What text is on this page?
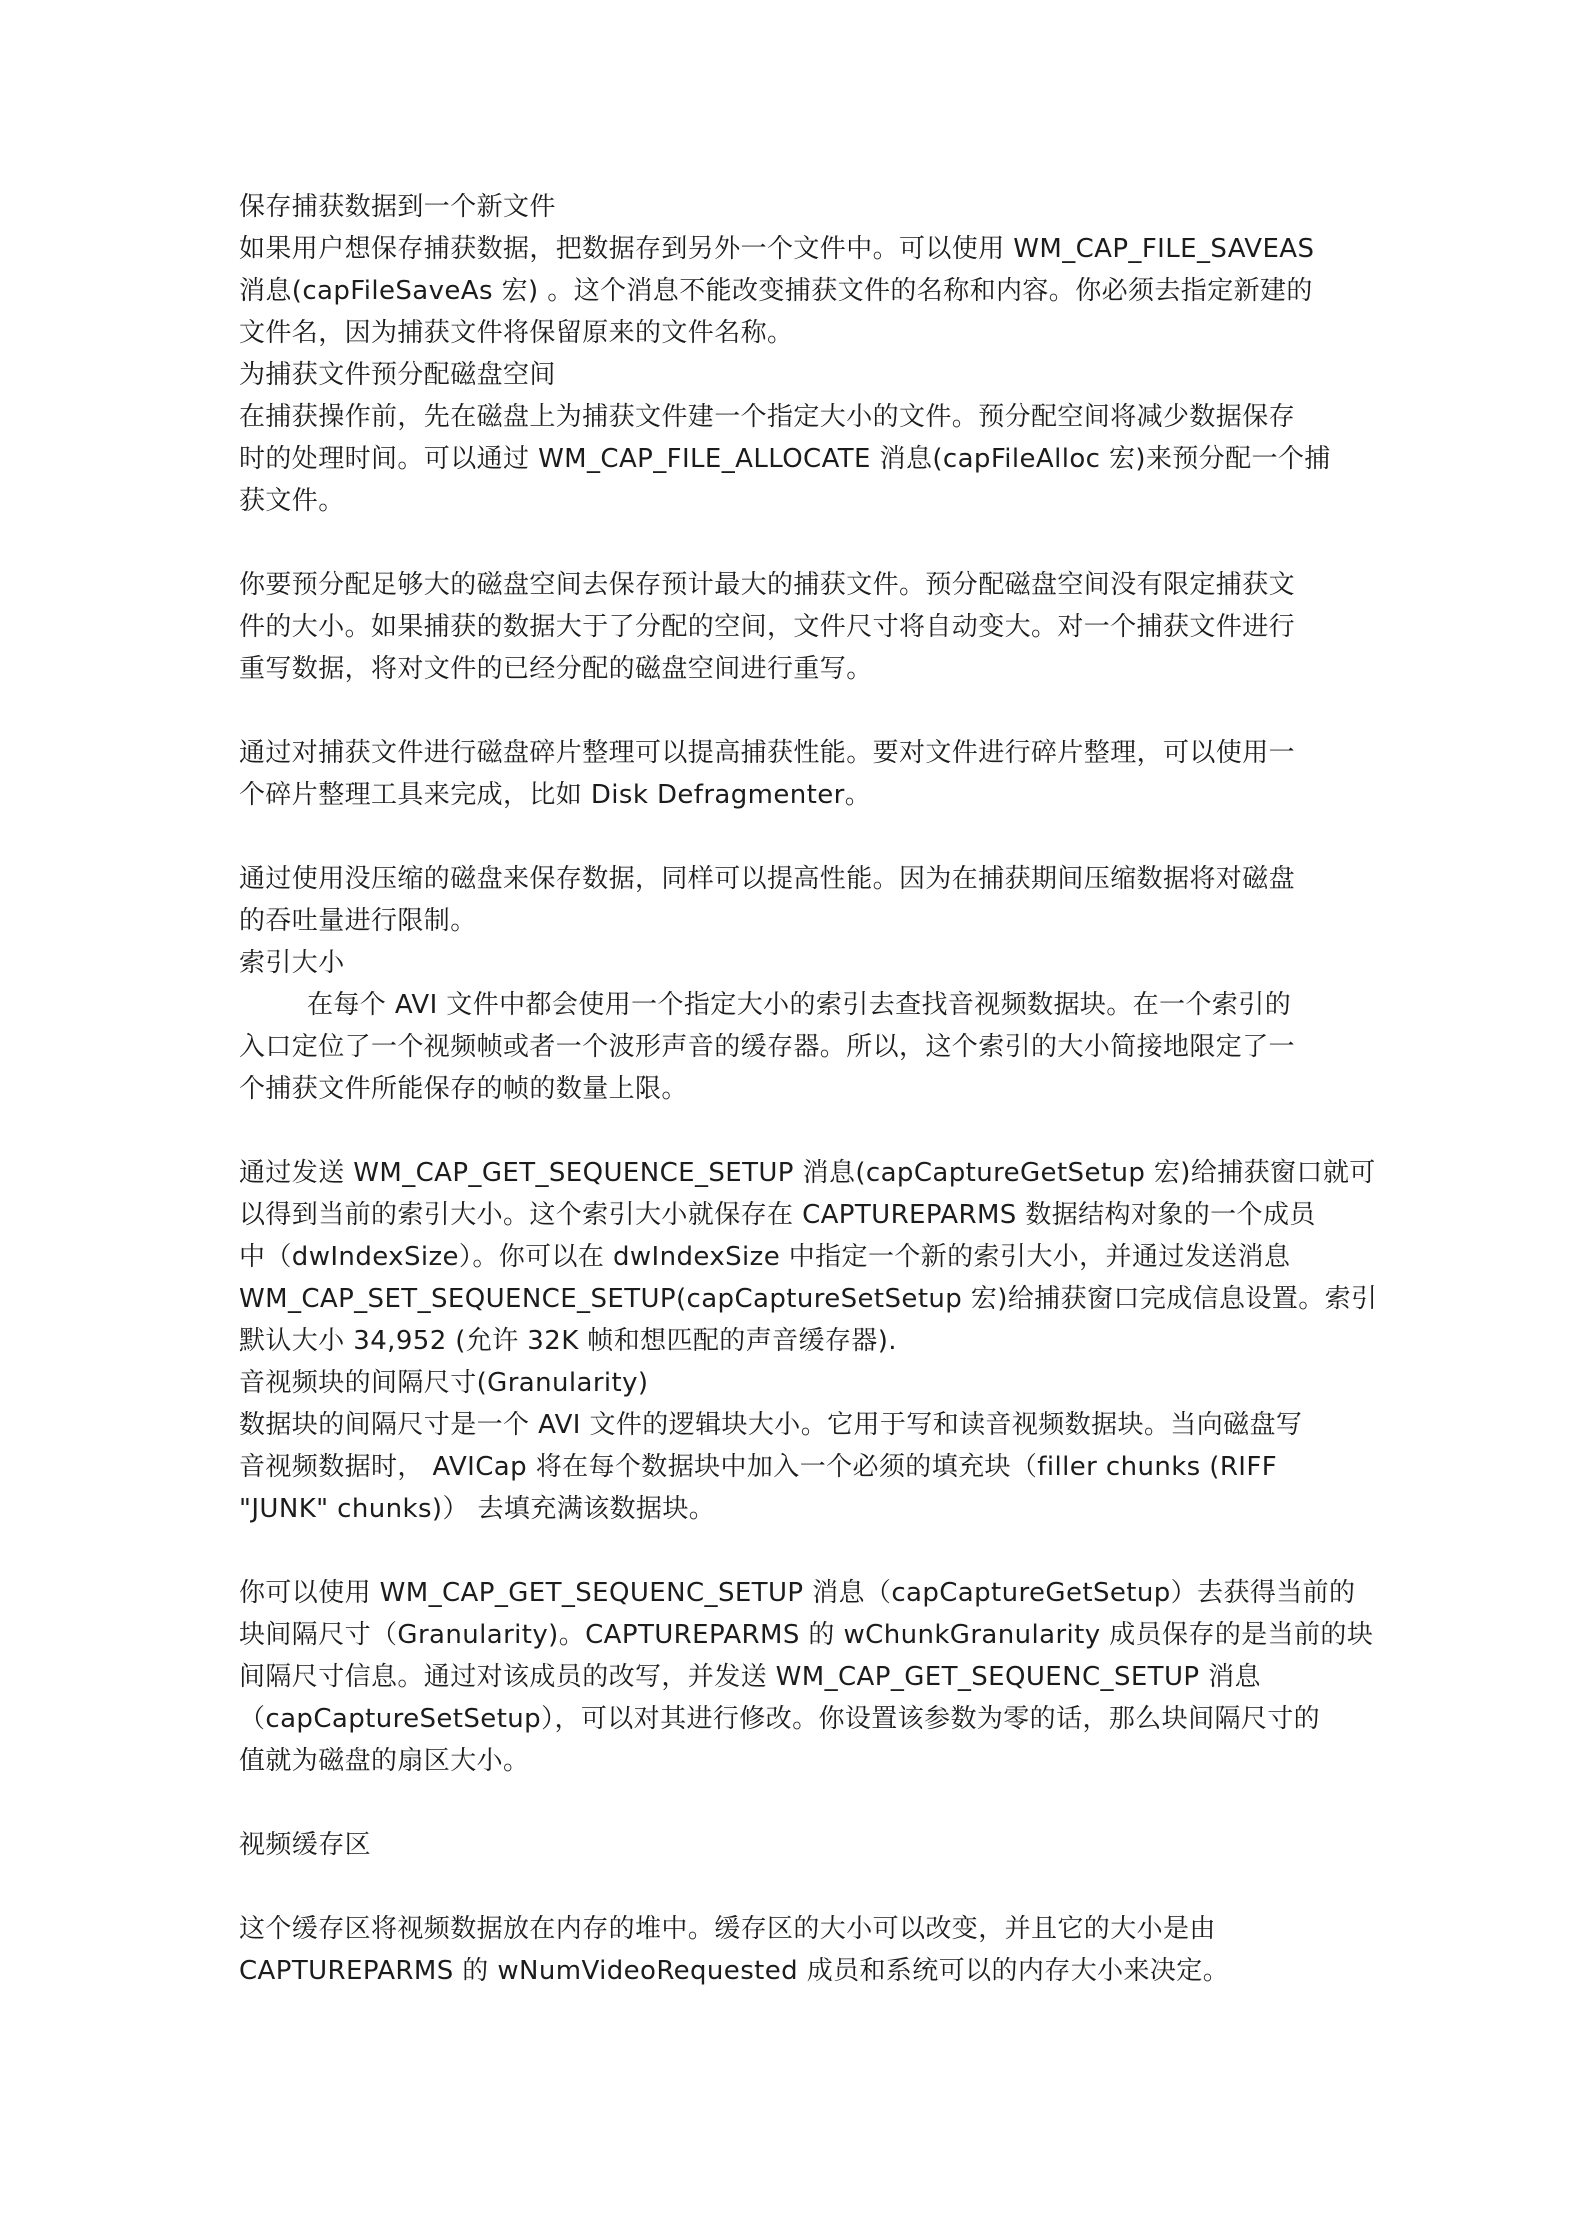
保存捕获数据到一个新文件
如果用户想保存捕获数据，把数据存到另外一个文件中。可以使用 WM_CAP_FILE_SAVEAS
消息(capFileSaveAs 宏) 。这个消息不能改变捕获文件的名称和内容。你必须去指定新建的
文件名，因为捕获文件将保留原来的文件名称。
为捕获文件预分配磁盘空间
在捕获操作前，先在磁盘上为捕获文件建一个指定大小的文件。预分配空间将减少数据保存
时的处理时间。可以通过 WM_CAP_FILE_ALLOCATE 消息(capFileAlloc 宏)来预分配一个捕
获文件。
你要预分配足够大的磁盘空间去保存预计最大的捕获文件。预分配磁盘空间没有限定捕获文
件的大小。如果捕获的数据大于了分配的空间，文件尺寸将自动变大。对一个捕获文件进行
重写数据，将对文件的已经分配的磁盘空间进行重写。
通过对捕获文件进行磁盘碎片整理可以提高捕获性能。要对文件进行碎片整理，可以使用一
个碎片整理工具来完成，比如 Disk Defragmenter。
通过使用没压缩的磁盘来保存数据，同样可以提高性能。因为在捕获期间压缩数据将对磁盘
的吞吐量进行限制。
索引大小
在每个 AVI 文件中都会使用一个指定大小的索引去查找音视频数据块。在一个索引的
入口定位了一个视频帧或者一个波形声音的缓存器。所以，这个索引的大小简接地限定了一
个捕获文件所能保存的帧的数量上限。
通过发送 WM_CAP_GET_SEQUENCE_SETUP 消息(capCaptureGetSetup 宏)给捕获窗口就可
以得到当前的索引大小。这个索引大小就保存在 CAPTUREPARMS 数据结构对象的一个成员
中（dwIndexSize）。你可以在 dwIndexSize 中指定一个新的索引大小，并通过发送消息
WM_CAP_SET_SEQUENCE_SETUP(capCaptureSetSetup 宏)给捕获窗口完成信息设置。索引
默认大小 34,952 (允许 32K 帧和想匹配的声音缓存器).
音视频块的间隔尺寸(Granularity)
数据块的间隔尺寸是一个 AVI 文件的逻辑块大小。它用于写和读音视频数据块。当向磁盘写
音视频数据时， AVICap 将在每个数据块中加入一个必须的填充块（filler chunks (RIFF
"JUNK" chunks)） 去填充满该数据块。
你可以使用 WM_CAP_GET_SEQUENC_SETUP 消息（capCaptureGetSetup）去获得当前的
块间隔尺寸（Granularity)。CAPTUREPARMS 的 wChunkGranularity 成员保存的是当前的块
间隔尺寸信息。通过对该成员的改写，并发送 WM_CAP_GET_SEQUENC_SETUP 消息
（capCaptureSetSetup），可以对其进行修改。你设置该参数为零的话，那么块间隔尺寸的
值就为磁盘的扇区大小。
视频缓存区
这个缓存区将视频数据放在内存的堆中。缓存区的大小可以改变，并且它的大小是由
CAPTUREPARMS 的 wNumVideoRequested 成员和系统可以的内存大小来决定。
